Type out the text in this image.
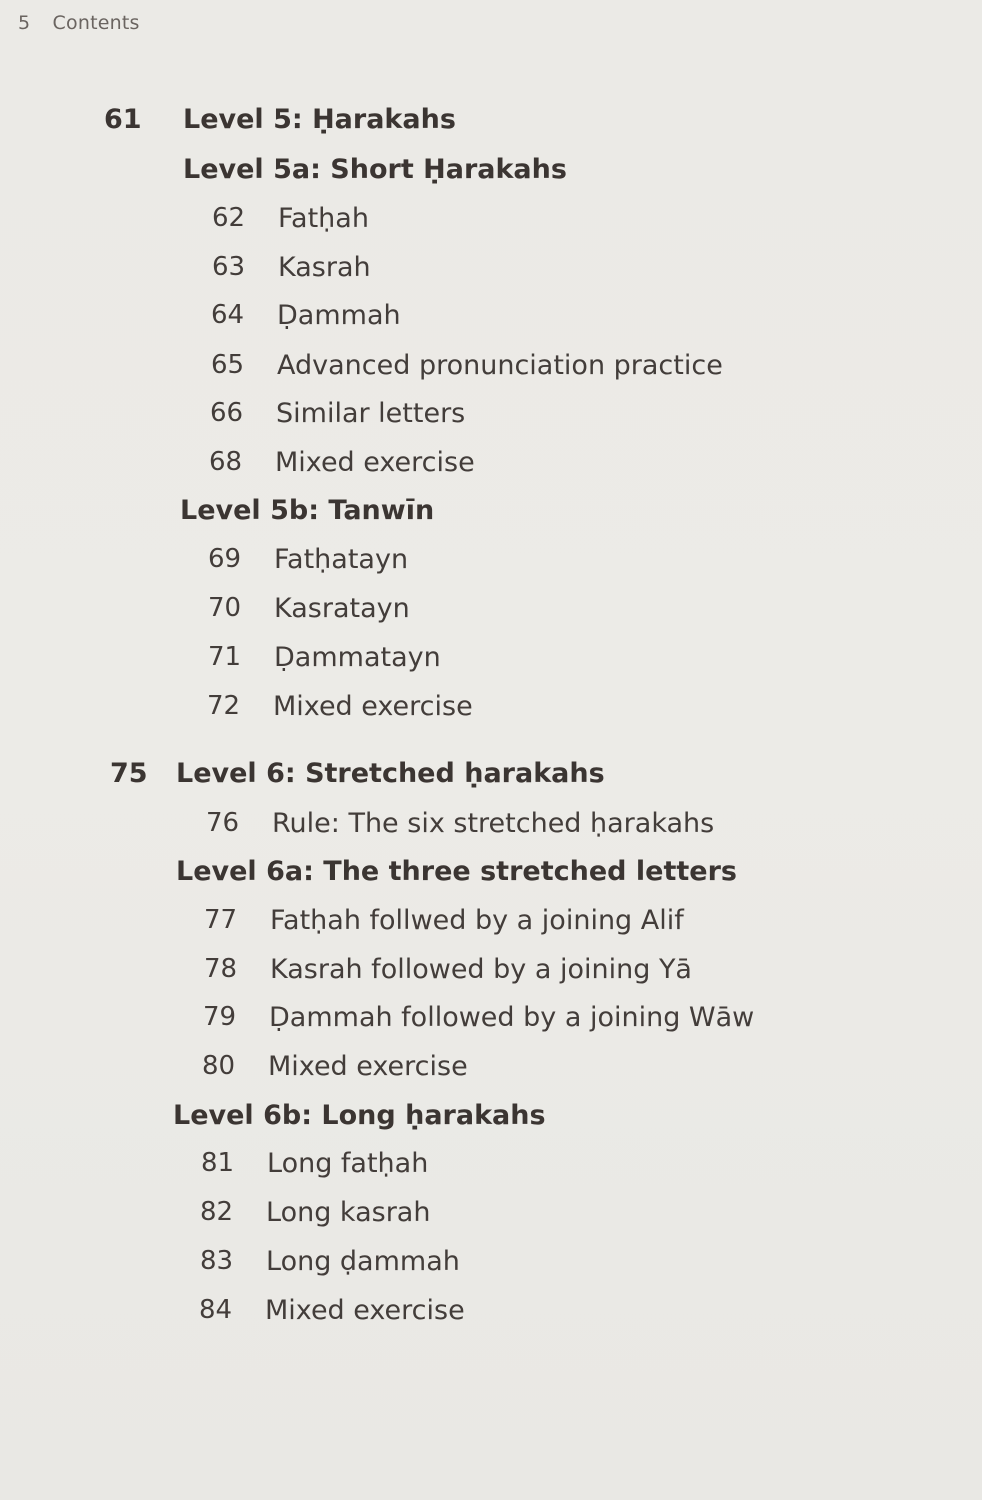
5 Contents
61 Level 5: Ḥarakahs
Level 5a: Short Ḥarakahs
62 Fatḥah
63 Kasrah
64 Ḍammah
65 Advanced pronunciation practice
66 Similar letters
68 Mixed exercise
Level 5b: Tanwīn
69 Fatḥatayn
70 Kasratayn
71 Ḍammatayn
72 Mixed exercise
75 Level 6: Stretched ḥarakahs
76 Rule: The six stretched ḥarakahs
Level 6a: The three stretched letters
77 Fatḥah follwed by a joining Alif
78 Kasrah followed by a joining Yā
79 Ḍammah followed by a joining Wāw
80 Mixed exercise
Level 6b: Long ḥarakahs
81 Long fatḥah
82 Long kasrah
83 Long ḍammah
84 Mixed exercise
